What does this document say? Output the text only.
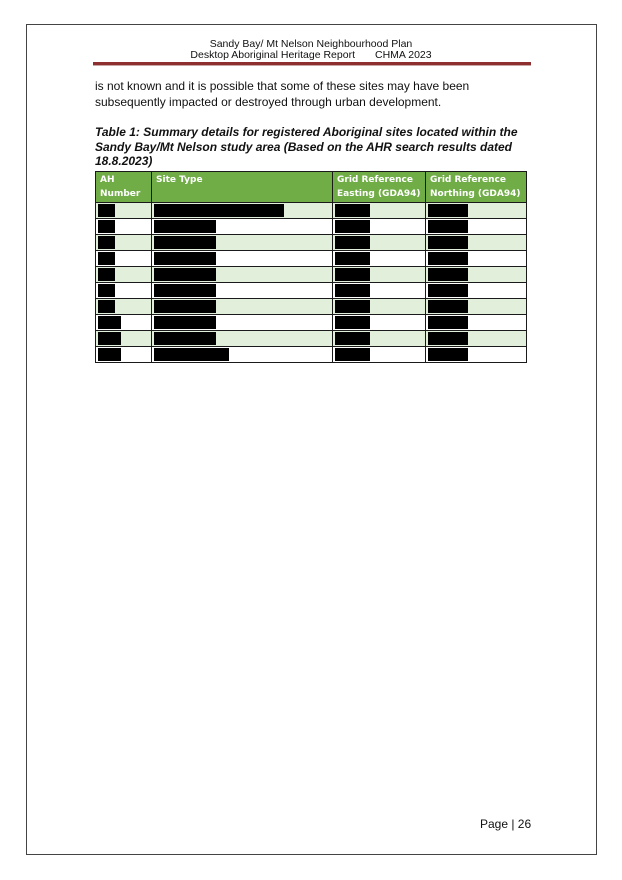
Sandy Bay/ Mt Nelson Neighbourhood Plan
Desktop Aboriginal Heritage Report CHMA 2023
is not known and it is possible that some of these sites may have been subsequently impacted or destroyed through urban development.
Table 1: Summary details for registered Aboriginal sites located within the Sandy Bay/Mt Nelson study area (Based on the AHR search results dated 18.8.2023)
AH Number	Site Type	Grid Reference Easting (GDA94)	Grid Reference Northing (GDA94)

Page | 26
